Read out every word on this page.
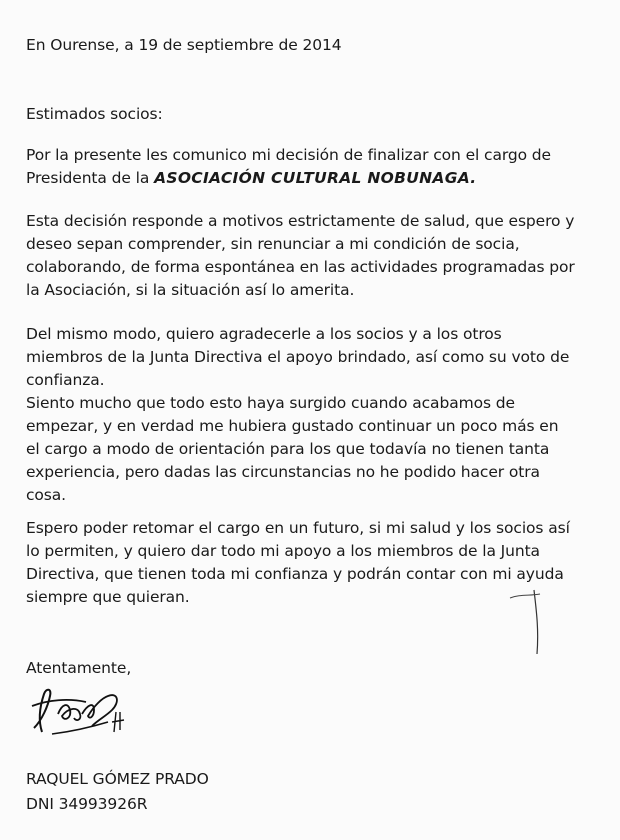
En Ourense, a 19 de septiembre de 2014
Estimados socios:
Por la presente les comunico mi decisión de finalizar con el cargo de
Presidenta de la ASOCIACIÓN CULTURAL NOBUNAGA.
Esta decisión responde a motivos estrictamente de salud, que espero y
deseo sepan comprender, sin renunciar a mi condición de socia,
colaborando, de forma espontánea en las actividades programadas por
la Asociación, si la situación así lo amerita.
Del mismo modo, quiero agradecerle a los socios y a los otros
miembros de la Junta Directiva el apoyo brindado, así como su voto de
confianza.
Siento mucho que todo esto haya surgido cuando acabamos de
empezar, y en verdad me hubiera gustado continuar un poco más en
el cargo a modo de orientación para los que todavía no tienen tanta
experiencia, pero dadas las circunstancias no he podido hacer otra
cosa.
Espero poder retomar el cargo en un futuro, si mi salud y los socios así
lo permiten, y quiero dar todo mi apoyo a los miembros de la Junta
Directiva, que tienen toda mi confianza y podrán contar con mi ayuda
siempre que quieran.
Atentamente,
RAQUEL GÓMEZ PRADO
DNI 34993926R
